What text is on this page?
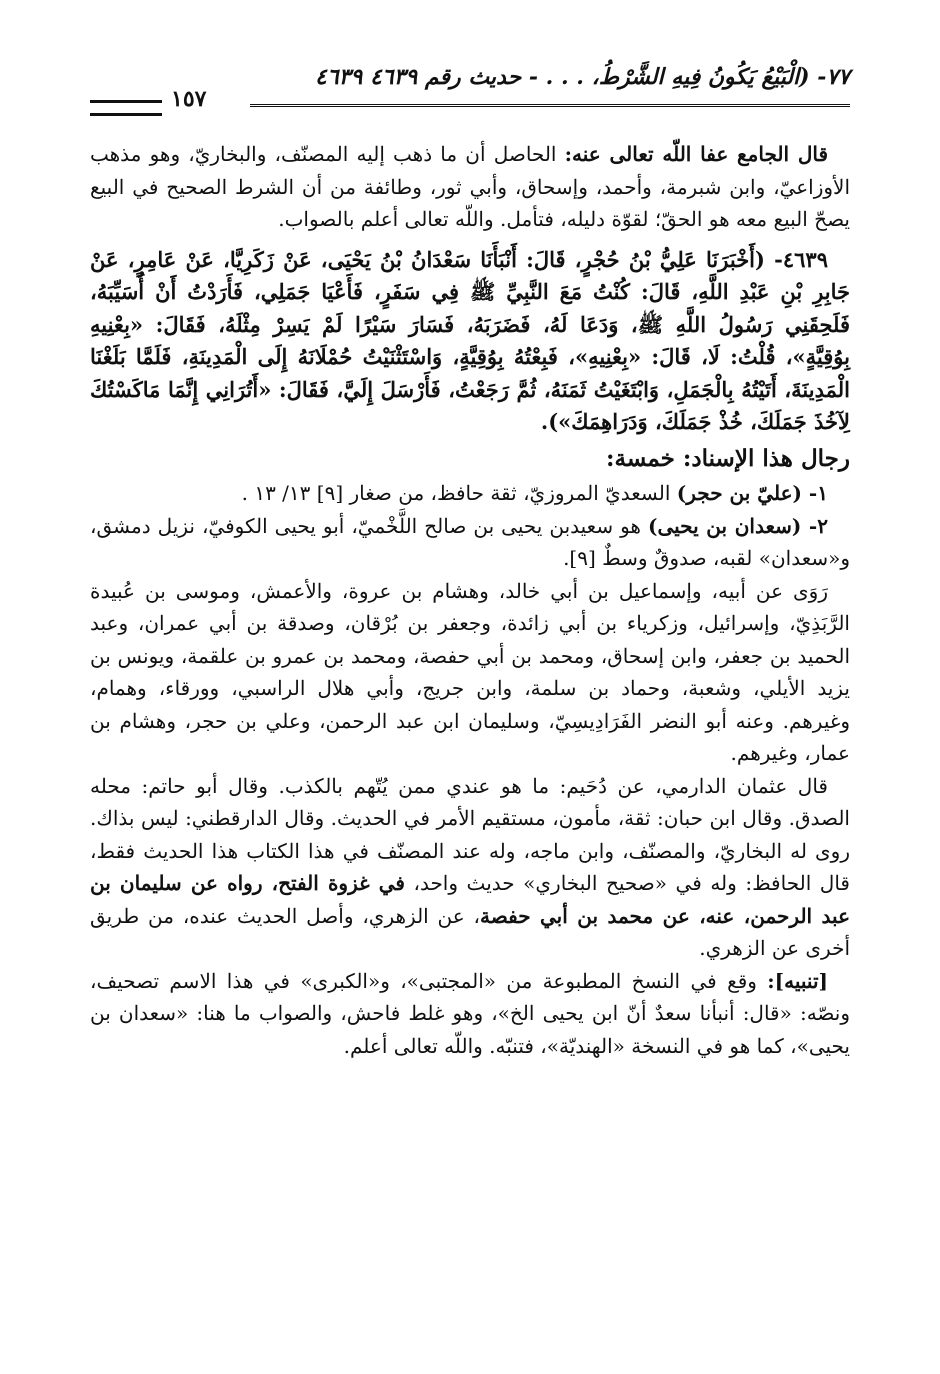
٧٧- (الْبَيْعُ يَكُونُ فِيهِ الشَّرْطُ، . . . - حديث رقم ٤٦٣٩ ٤٦٣٩
١٥٧

قال الجامع عفا اللّه تعالى عنه: الحاصل أن ما ذهب إليه المصنّف، والبخاريّ، وهو مذهب الأوزاعيّ، وابن شبرمة، وأحمد، وإسحاق، وأبي ثور، وطائفة من أن الشرط الصحيح في البيع يصحّ البيع معه هو الحقّ؛ لقوّة دليله، فتأمل. واللّه تعالى أعلم بالصواب.

٤٦٣٩- (أَخْبَرَنَا عَلِيُّ بْنُ حُجْرٍ، قَالَ: أَنْبَأَنَا سَعْدَانُ بْنُ يَحْيَى، عَنْ زَكَرِيَّا، عَنْ عَامِرٍ، عَنْ جَابِرِ بْنِ عَبْدِ اللَّهِ، قَالَ: كُنْتُ مَعَ النَّبِيِّ ﷺ فِي سَفَرٍ، فَأَعْيَا جَمَلِي، فَأَرَدْتُ أَنْ أُسَيِّبَهُ، فَلَحِقَنِي رَسُولُ اللَّهِ ﷺ، وَدَعَا لَهُ، فَضَرَبَهُ، فَسَارَ سَيْرًا لَمْ يَسِرْ مِثْلَهُ، فَقَالَ: «بِعْنِيهِ بِوُقِيَّةٍ»، قُلْتُ: لَا، قَالَ: «بِعْنِيهِ»، فَبِعْتُهُ بِوُقِيَّةٍ، وَاسْتَثْنَيْتُ حُمْلَانَهُ إِلَى الْمَدِينَةِ، فَلَمَّا بَلَغْنَا الْمَدِينَةَ، أَتَيْتُهُ بِالْجَمَلِ، وَابْتَغَيْتُ ثَمَنَهُ، ثُمَّ رَجَعْتُ، فَأَرْسَلَ إِلَيَّ، فَقَالَ: «أَتُرَانِي إِنَّمَا مَاكَسْتُكَ لِآخُذَ جَمَلَكَ، خُذْ جَمَلَكَ، وَدَرَاهِمَكَ»).

رجال هذا الإسناد: خمسة:

١- (عليّ بن حجر) السعديّ المروزيّ، ثقة حافظ، من صغار [٩] ١٣/ ١٣ .

٢- (سعدان بن يحيى) هو سعيدبن يحيى بن صالح اللَّخْميّ، أبو يحيى الكوفيّ، نزيل دمشق، و«سعدان» لقبه، صدوقٌ وسطٌ [٩].

رَوَى عن أبيه، وإسماعيل بن أبي خالد، وهشام بن عروة، والأعمش، وموسى بن عُبيدة الرَّبَذِيّ، وإسرائيل، وزكرياء بن أبي زائدة، وجعفر بن بُرْقان، وصدقة بن أبي عمران، وعبد الحميد بن جعفر، وابن إسحاق، ومحمد بن أبي حفصة، ومحمد بن عمرو بن علقمة، ويونس بن يزيد الأيلي، وشعبة، وحماد بن سلمة، وابن جريج، وأبي هلال الراسبي، وورقاء، وهمام، وغيرهم. وعنه أبو النضر الفَرَادِيسِيّ، وسليمان ابن عبد الرحمن، وعلي بن حجر، وهشام بن عمار، وغيرهم.

قال عثمان الدارمي، عن دُحَيم: ما هو عندي ممن يُتّهم بالكذب. وقال أبو حاتم: محله الصدق. وقال ابن حبان: ثقة، مأمون، مستقيم الأمر في الحديث. وقال الدارقطني: ليس بذاك. روى له البخاريّ، والمصنّف، وابن ماجه، وله عند المصنّف في هذا الكتاب هذا الحديث فقط، قال الحافظ: وله في «صحيح البخاري» حديث واحد، في غزوة الفتح، رواه عن سليمان بن عبد الرحمن، عنه، عن محمد بن أبي حفصة، عن الزهري، وأصل الحديث عنده، من طريق أخرى عن الزهري.

[تنبيه]: وقع في النسخ المطبوعة من «المجتبى»، و«الكبرى» في هذا الاسم تصحيف، ونصّه: «قال: أنبأنا سعدٌ أنّ ابن يحيى الخ»، وهو غلط فاحش، والصواب ما هنا: «سعدان بن يحيى»، كما هو في النسخة «الهنديّة»، فتنبّه. واللّه تعالى أعلم.
